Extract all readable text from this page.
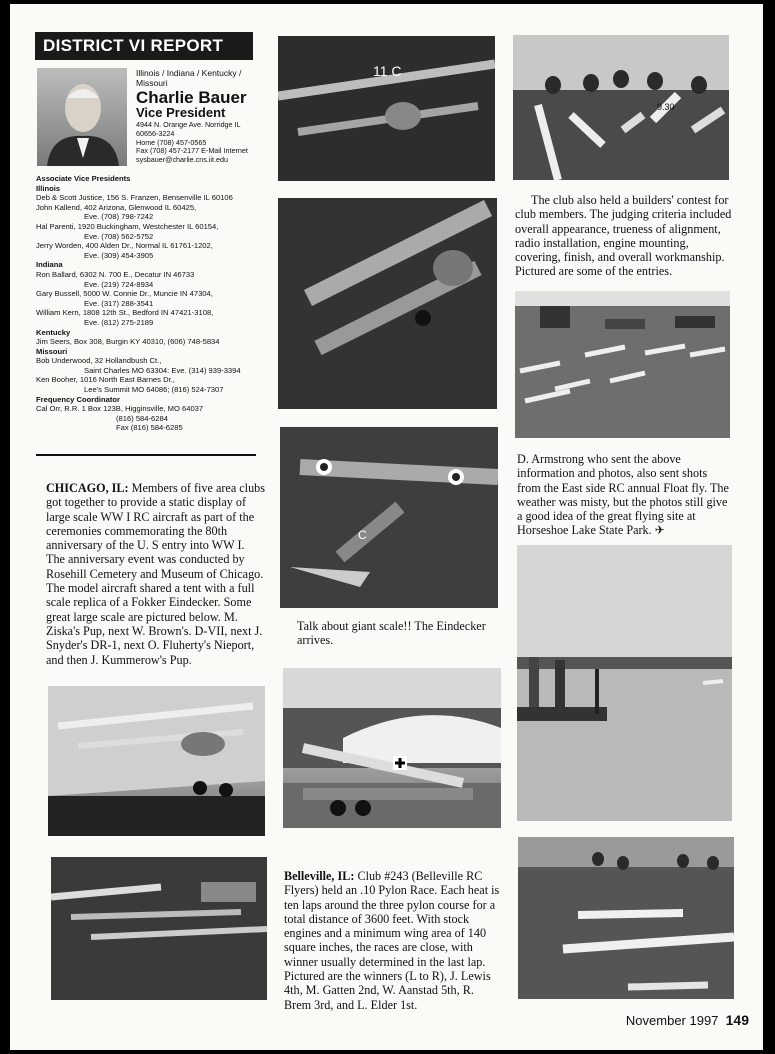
DISTRICT VI REPORT
Illinois / Indiana / Kentucky / Missouri
Charlie Bauer
Vice President
4944 N. Orange Ave. Norridge IL
60656-3224
Home (708) 457-0565
Fax (708) 457-2177 E-Mail Internet
sysbauer@charlie.cns.iit.edu
Associate Vice Presidents
Illinois
Deb & Scott Justice, 156 S. Franzen, Bensenville IL 60106
John Kallend, 402 Arizona, Glenwood IL 60425,
Eve. (708) 798-7242
Hal Parenti, 1920 Buckingham, Westchester IL 60154,
Eve. (708) 562-5752
Jerry Worden, 400 Alden Dr., Normal IL 61761-1202,
Eve. (309) 454-3905
Indiana
Ron Ballard, 6302 N. 700 E., Decatur IN 46733
Eve. (219) 724-8934
Gary Bussell, 5000 W. Connie Dr., Muncie IN 47304,
Eve. (317) 288-3541
William Kern, 1808 12th St., Bedford IN 47421-3108,
Eve. (812) 275-2189
Kentucky
Jim Seers, Box 308, Burgin KY 40310, (606) 748-5834
Missouri
Bob Underwood, 32 Hollandbush Ct.,
Saint Charles MO 63304: Eve. (314) 939-3394
Ken Booher, 1016 North East Barnes Dr.,
Lee's Summit MO 64086; (816) 524-7307
Frequency Coordinator
Cal Orr, R.R. 1 Box 123B, Higginsville, MO 64037
(816) 584-6284
Fax (816) 584-6285
CHICAGO, IL: Members of five area clubs got together to provide a static display of large scale WW I RC aircraft as part of the ceremonies commemorating the 80th anniversary of the U. S entry into WW I. The anniversary event was conducted by Rosehill Cemetery and Museum of Chicago. The model aircraft shared a tent with a full scale replica of a Fokker Eindecker. Some great large scale are pictured below. M. Ziska's Pup, next W. Brown's. D-VII, next J. Snyder's DR-1, next O. Fluherty's Nieport, and then J. Kummerow's Pup.
11 C
C
Talk about giant scale!! The Eindecker arrives.
Belleville, IL: Club #243 (Belleville RC Flyers) held an .10 Pylon Race. Each heat is ten laps around the three pylon course for a total distance of 3600 feet. With stock engines and a minimum wing area of 140 square inches, the races are close, with winner usually determined in the last lap. Pictured are the winners (L to R), J. Lewis 4th, M. Gatten 2nd, W. Aanstad 5th, R. Brem 3rd, and L. Elder 1st.
9.30
The club also held a builders' contest for club members. The judging criteria included overall appearance, trueness of alignment, radio installation, engine mounting, covering, finish, and overall workmanship. Pictured are some of the entries.
D. Armstrong who sent the above information and photos, also sent shots from the East side RC annual Float fly. The weather was misty, but the photos still give a good idea of the great flying site at Horseshoe Lake State Park. ✈
November 1997 149
